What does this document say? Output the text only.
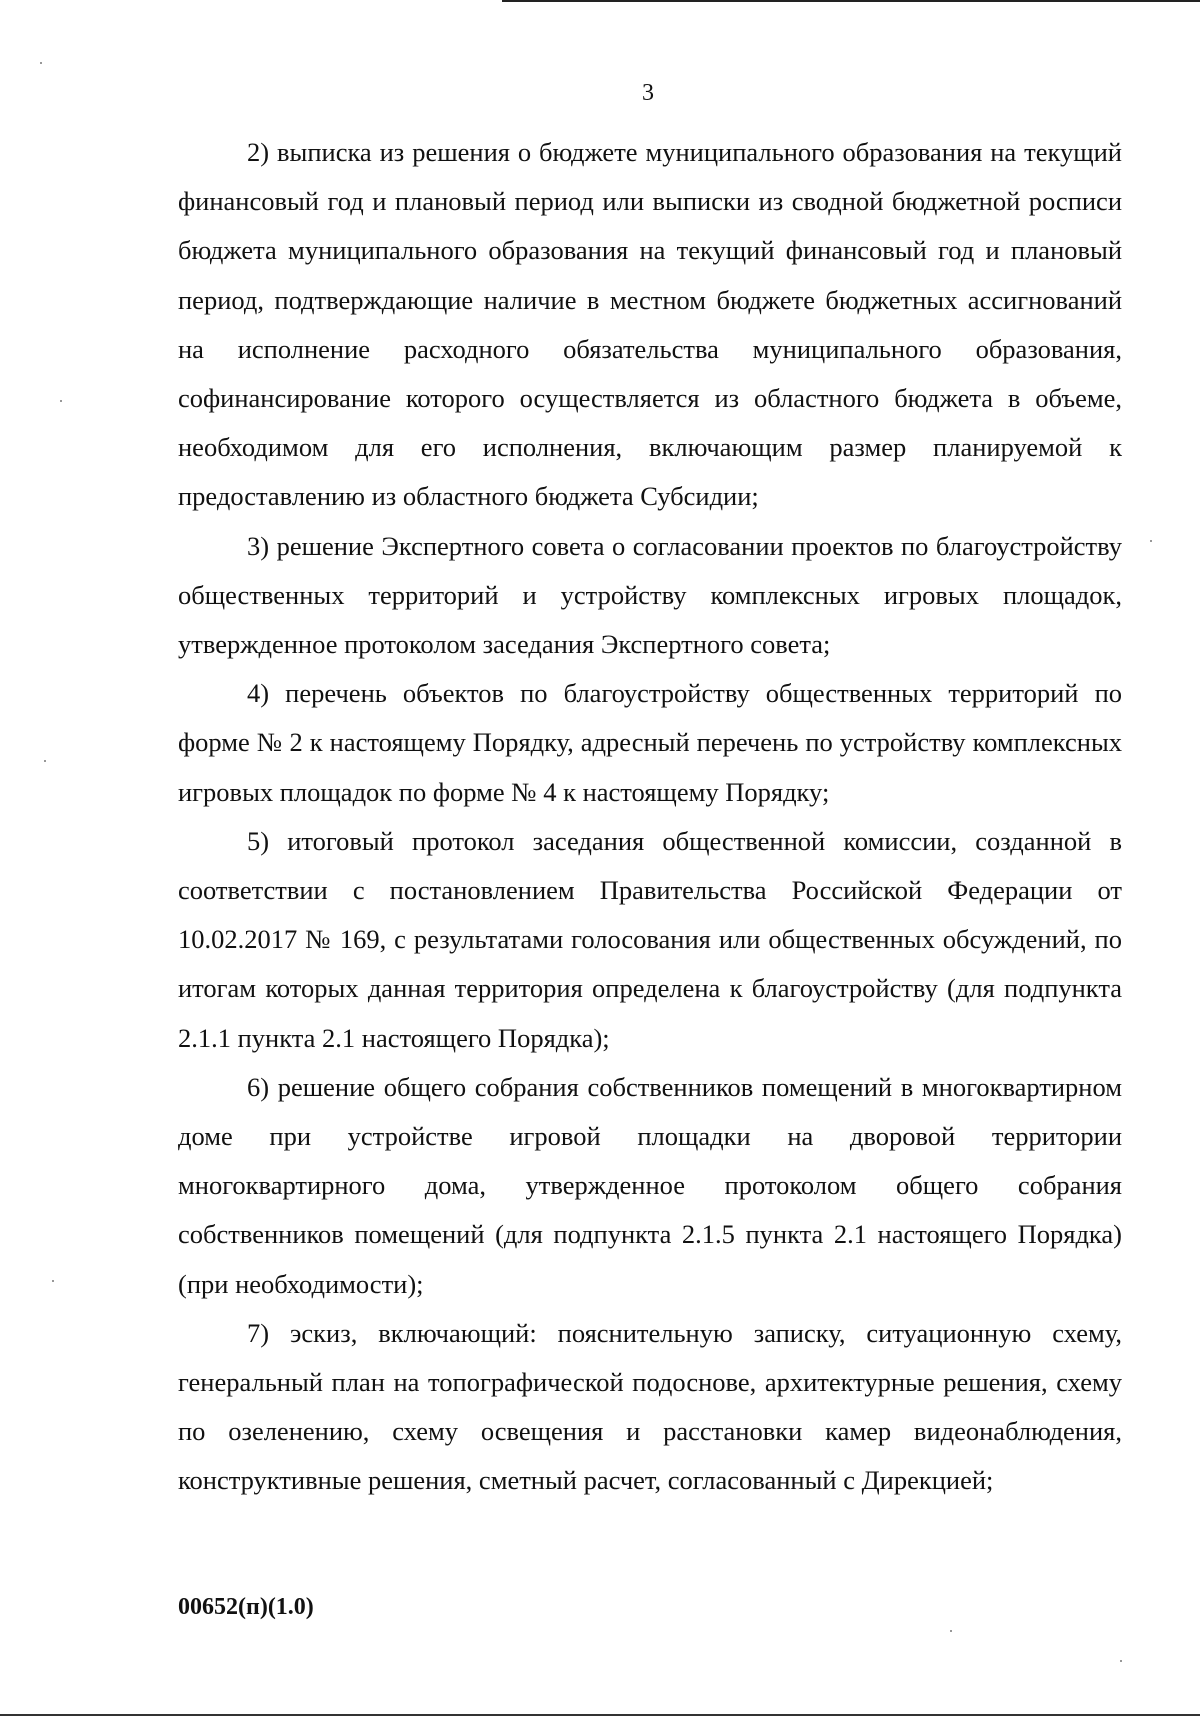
3

2) выписка из решения о бюджете муниципального образования на текущий финансовый год и плановый период или выписки из сводной бюджетной росписи бюджета муниципального образования на текущий финансовый год и плановый период, подтверждающие наличие в местном бюджете бюджетных ассигнований на исполнение расходного обязательства муниципального образования, софинансирование которого осуществляется из областного бюджета в объеме, необходимом для его исполнения, включающим размер планируемой к предоставлению из областного бюджета Субсидии;

3) решение Экспертного совета о согласовании проектов по благоустройству общественных территорий и устройству комплексных игровых площадок, утвержденное протоколом заседания Экспертного совета;

4) перечень объектов по благоустройству общественных территорий по форме № 2 к настоящему Порядку, адресный перечень по устройству комплексных игровых площадок по форме № 4 к настоящему Порядку;

5) итоговый протокол заседания общественной комиссии, созданной в соответствии с постановлением Правительства Российской Федерации от 10.02.2017 № 169, с результатами голосования или общественных обсуждений, по итогам которых данная территория определена к благоустройству (для подпункта 2.1.1 пункта 2.1 настоящего Порядка);

6) решение общего собрания собственников помещений в многоквартирном доме при устройстве игровой площадки на дворовой территории многоквартирного дома, утвержденное протоколом общего собрания собственников помещений (для подпункта 2.1.5 пункта 2.1 настоящего Порядка) (при необходимости);

7) эскиз, включающий: пояснительную записку, ситуационную схему, генеральный план на топографической подоснове, архитектурные решения, схему по озеленению, схему освещения и расстановки камер видеонаблюдения, конструктивные решения, сметный расчет, согласованный с Дирекцией;

00652(п)(1.0)
